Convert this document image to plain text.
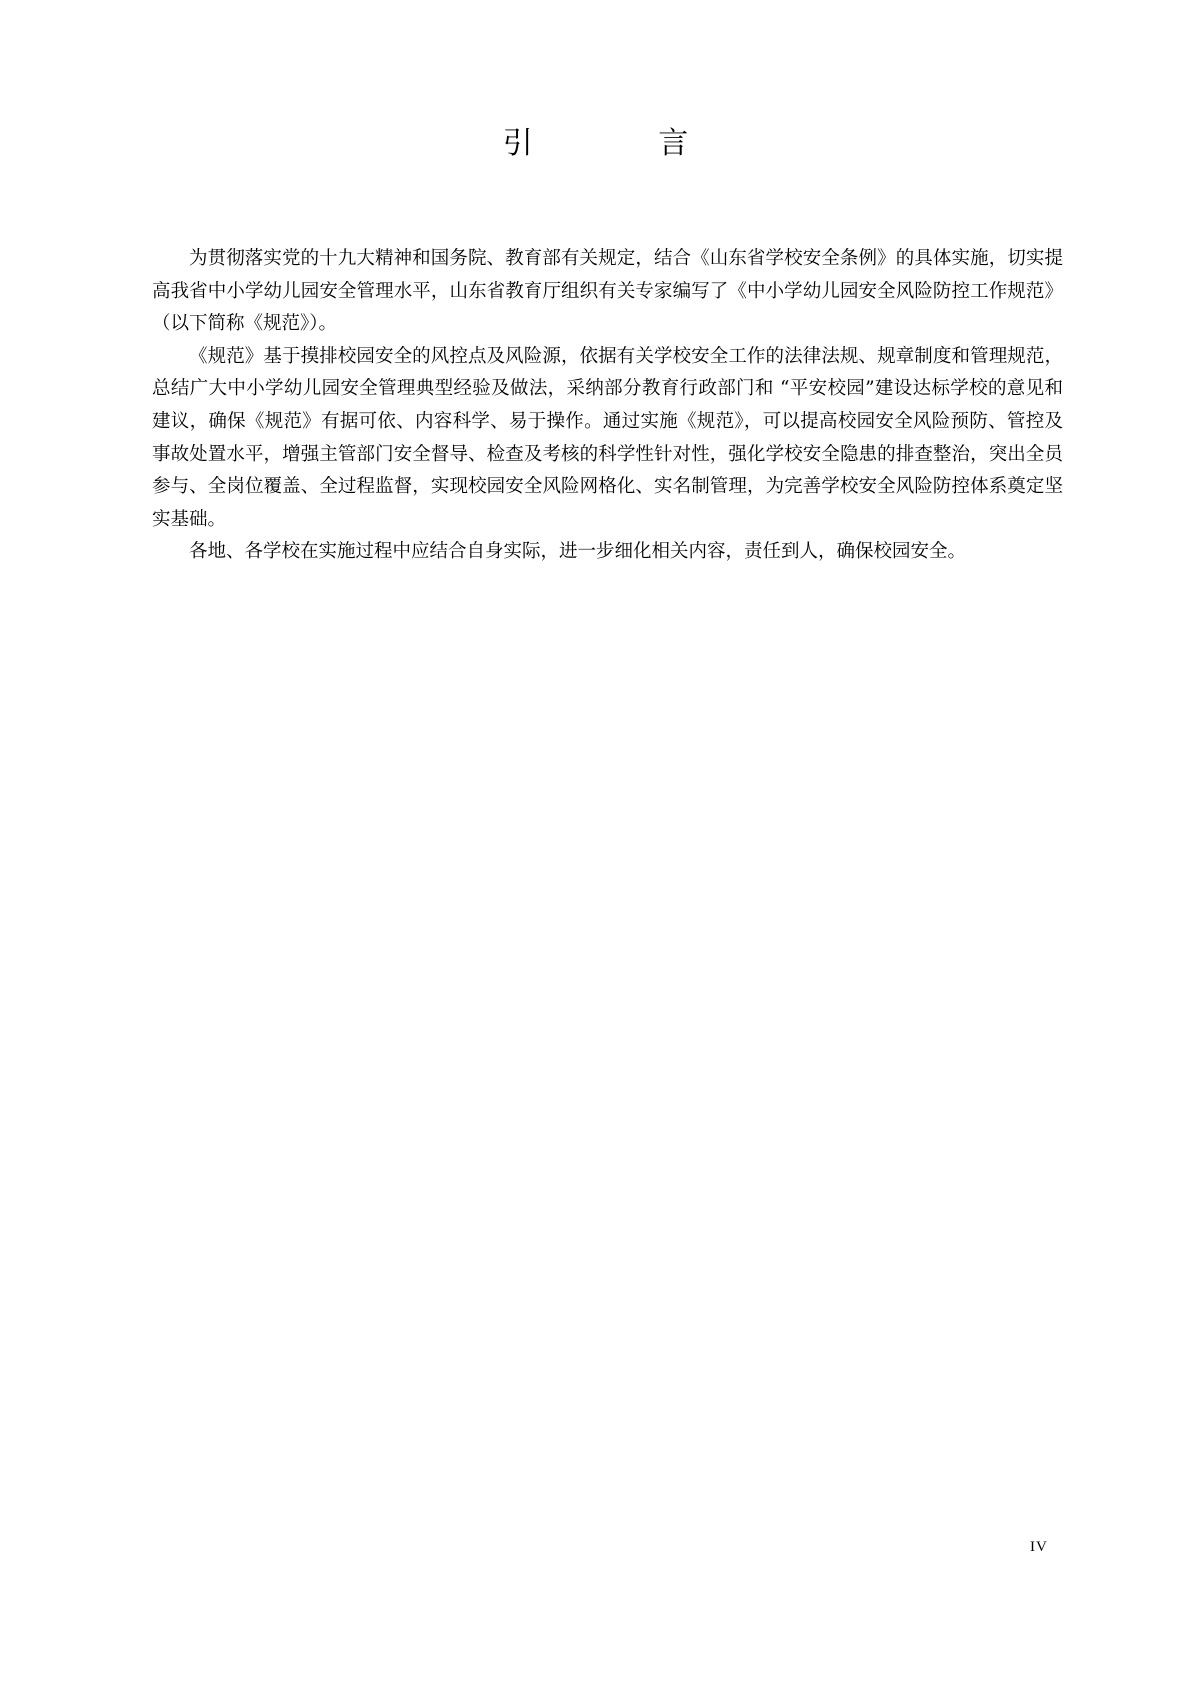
引 言

为贯彻落实党的十九大精神和国务院、教育部有关规定，结合《山东省学校安全条例》的具体实施，切实提高我省中小学幼儿园安全管理水平，山东省教育厅组织有关专家编写了《中小学幼儿园安全风险防控工作规范》（以下简称《规范》）。

《规范》基于摸排校园安全的风控点及风险源，依据有关学校安全工作的法律法规、规章制度和管理规范，总结广大中小学幼儿园安全管理典型经验及做法，采纳部分教育行政部门和 “平安校园”建设达标学校的意见和建议，确保《规范》有据可依、内容科学、易于操作。通过实施《规范》，可以提高校园安全风险预防、管控及事故处置水平，增强主管部门安全督导、检查及考核的科学性针对性，强化学校安全隐患的排查整治，突出全员参与、全岗位覆盖、全过程监督，实现校园安全风险网格化、实名制管理，为完善学校安全风险防控体系奠定坚实基础。

各地、各学校在实施过程中应结合自身实际，进一步细化相关内容，责任到人，确保校园安全。

IV
